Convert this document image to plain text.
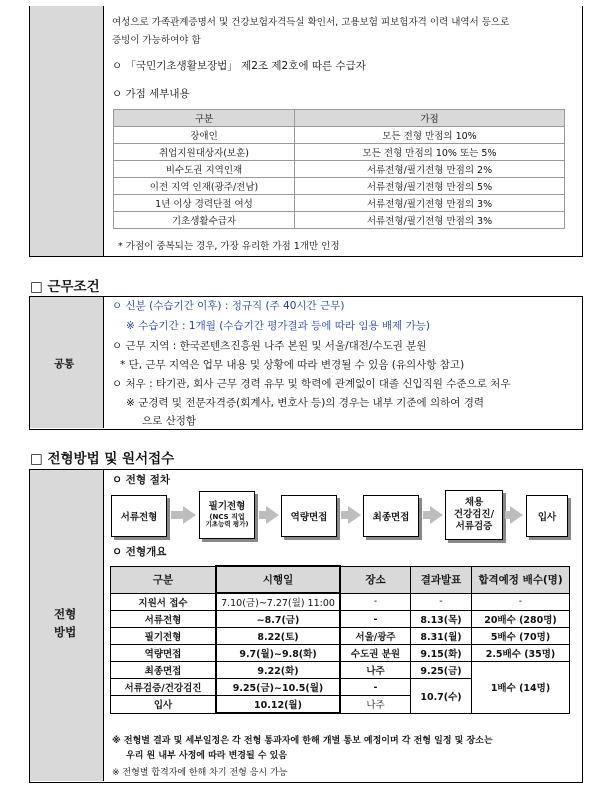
여성으로 가족관계증명서 및 건강보험자격득실 확인서, 고용보험 피보험자격 이력 내역서 등으로
증빙이 가능하여야 함
ㅇ 「국민기초생활보장법」 제2조 제2호에 따른 수급자
ㅇ 가점 세부내용
구분	가점
장애인	모든 전형 만점의 10%
취업지원대상자(보훈)	모든 전형 만점의 10% 또는 5%
비수도권 지역인재	서류전형/필기전형 만점의 2%
이전 지역 인재(광주/전남)	서류전형/필기전형 만점의 5%
1년 이상 경력단절 여성	서류전형/필기전형 만점의 3%
기초생활수급자	서류전형/필기전형 만점의 3%
* 가점이 중복되는 경우, 가장 유리한 가점 1개만 인정
□ 근무조건
공통
ㅇ 신분 (수습기간 이후) : 정규직 (주 40시간 근무)
※ 수습기간 : 1개월 (수습기간 평가결과 등에 따라 임용 배제 가능)
ㅇ 근무 지역 : 한국콘텐츠진흥원 나주 본원 및 서울/대전/수도권 분원
* 단, 근무 지역은 업무 내용 및 상황에 따라 변경될 수 있음 (유의사항 참고)
ㅇ 처우 : 타기관, 회사 근무 경력 유무 및 학력에 관계없이 대졸 신입직원 수준으로 처우
※ 군경력 및 전문자격증(회계사, 변호사 등)의 경우는 내부 기준에 의하여 경력
으로 산정함
□ 전형방법 및 원서접수
전형
방법
ㅇ 전형 절차
서류전형
필기전형
(NCS 직업
기초능력 평가)
역량면접	최종면접
채용
건강검진/
서류검증
입사
ㅇ 전형개요
구분	시행일	장소	결과발표	합격예정 배수(명)
지원서 접수	7.10(금)~7.27(월) 11:00	-	-	-
서류전형	~8.7(금)	-	8.13(목)	20배수 (280명)
필기전형	8.22(토)	서울/광주	8.31(월)	5배수 (70명)
역량면접	9.7(월)~9.8(화)	수도권 분원	9.15(화)	2.5배수 (35명)
최종면접	9.22(화)	나주	9.25(금)	1배수 (14명)
서류검증/건강검진	9.25(금)~10.5(월)	-	10.7(수)	
입사	10.12(월)	나주		
※ 전형별 결과 및 세부일정은 각 전형 통과자에 한해 개별 통보 예정이며 각 전형 일정 및 장소는
우리 원 내부 사정에 따라 변경될 수 있음
※ 전형별 합격자에 한해 차기 전형 응시 가능
